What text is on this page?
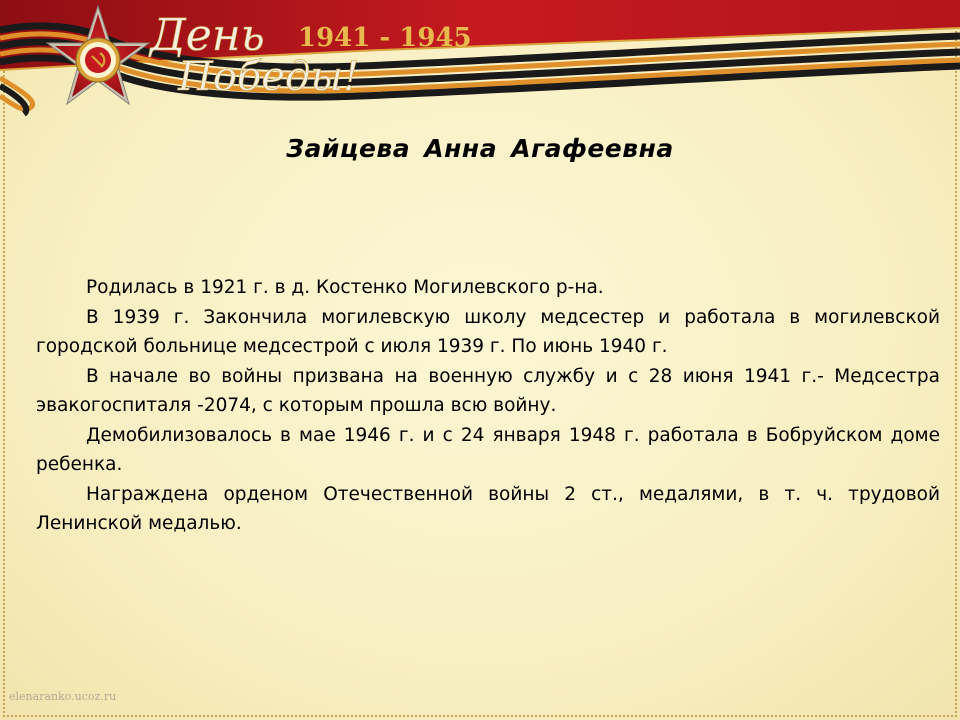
День
Победы!
1941 - 1945
Зайцева Анна Агафеевна

Родилась в 1921 г. в д. Костенко Могилевского р-на.

В 1939 г. Закончила могилевскую школу медсестер и работала в могилевской городской больнице медсестрой с июля 1939 г. По июнь 1940 г.

В начале во войны призвана на военную службу и с 28 июня 1941 г.- Медсестра эвакогоспиталя -2074, с которым прошла всю войну.

Демобилизовалось в мае 1946 г. и с 24 января 1948 г. работала в Бобруйском доме ребенка.

Награждена орденом Отечественной войны 2 ст., медалями, в т. ч. трудовой Ленинской медалью.

elenaranko.ucoz.ru
